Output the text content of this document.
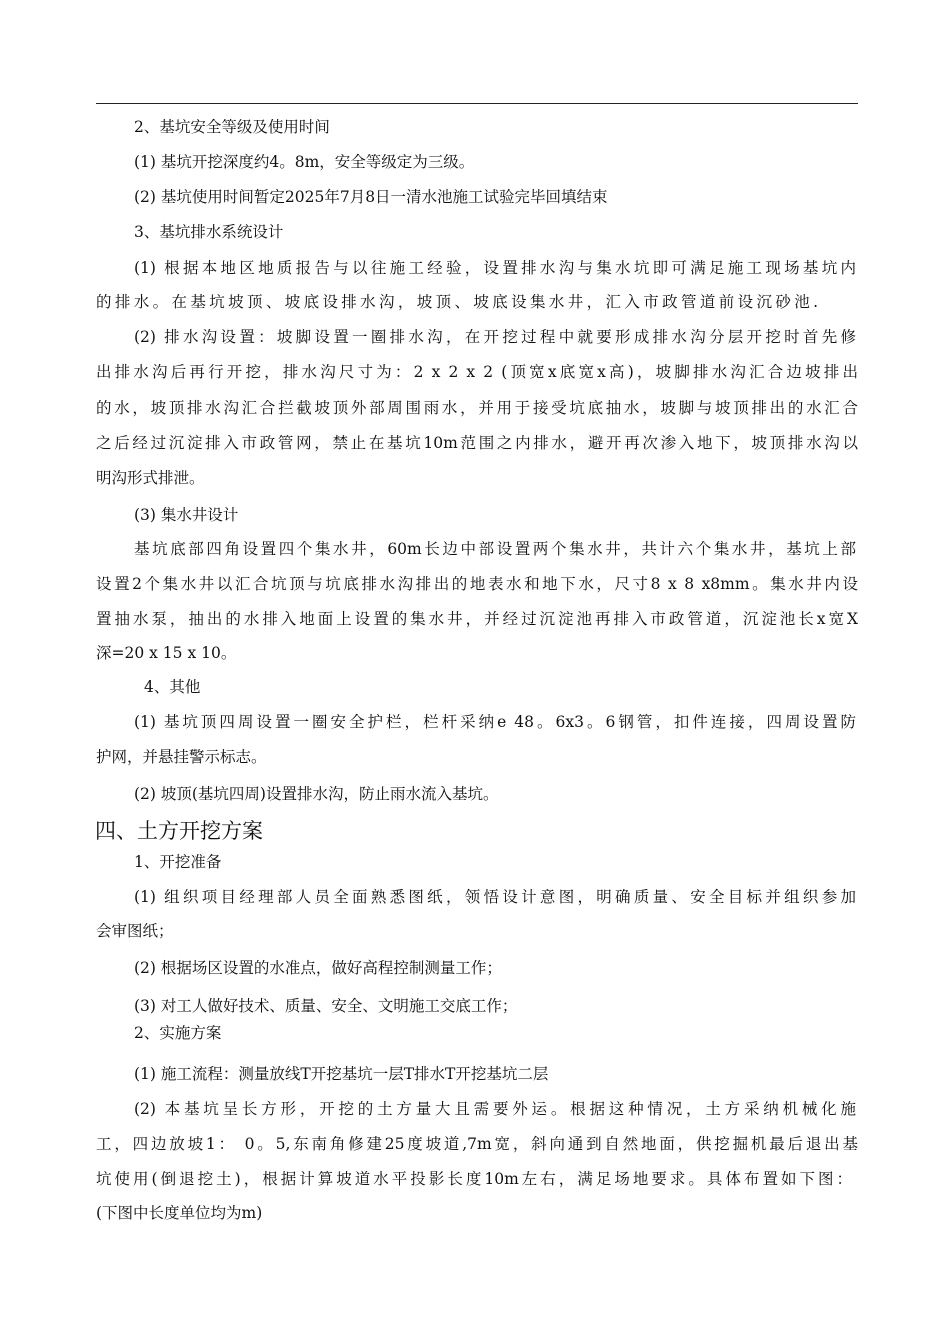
2、基坑安全等级及使用时间
(1) 基坑开挖深度约4。8m，安全等级定为三级。
(2) 基坑使用时间暂定2025年7月8日一清水池施工试验完毕回填结束
3、基坑排水系统设计
(1) 根据本地区地质报告与以往施工经验，设置排水沟与集水坑即可满足施工现场基坑内
的排水。在基坑坡顶、坡底设排水沟，坡顶、坡底设集水井，汇入市政管道前设沉砂池.
(2) 排水沟设置：坡脚设置一圈排水沟，在开挖过程中就要形成排水沟分层开挖时首先修
出排水沟后再行开挖，排水沟尺寸为：2 x 2 x 2 (顶宽x底宽x高)，坡脚排水沟汇合边坡排出
的水，坡顶排水沟汇合拦截坡顶外部周围雨水，并用于接受坑底抽水，坡脚与坡顶排出的水汇合
之后经过沉淀排入市政管网，禁止在基坑10m范围之内排水，避开再次渗入地下，坡顶排水沟以
明沟形式排泄。
(3) 集水井设计
基坑底部四角设置四个集水井，60m长边中部设置两个集水井，共计六个集水井，基坑上部
设置2个集水井以汇合坑顶与坑底排水沟排出的地表水和地下水，尺寸8 x 8 x8mm。集水井内设
置抽水泵，抽出的水排入地面上设置的集水井，并经过沉淀池再排入市政管道，沉淀池长x宽X
深=20 x 15 x 10。
4、其他
(1) 基坑顶四周设置一圈安全护栏，栏杆采纳e 48。6x3。6钢管，扣件连接，四周设置防
护网，并悬挂警示标志。
(2) 坡顶(基坑四周)设置排水沟，防止雨水流入基坑。
四、土方开挖方案
1、开挖准备
(1) 组织项目经理部人员全面熟悉图纸，领悟设计意图，明确质量、安全目标并组织参加
会审图纸；
(2) 根据场区设置的水准点，做好高程控制测量工作；
(3) 对工人做好技术、质量、安全、文明施工交底工作；
2、实施方案
(1) 施工流程：测量放线T开挖基坑一层T排水T开挖基坑二层
(2) 本基坑呈长方形，开挖的土方量大且需要外运。根据这种情况，土方采纳机械化施
工，四边放坡1： 0。5,东南角修建25度坡道,7m宽，斜向通到自然地面，供挖掘机最后退出基
坑使用(倒退挖土)，根据计算坡道水平投影长度10m左右，满足场地要求。具体布置如下图：
(下图中长度单位均为m)
